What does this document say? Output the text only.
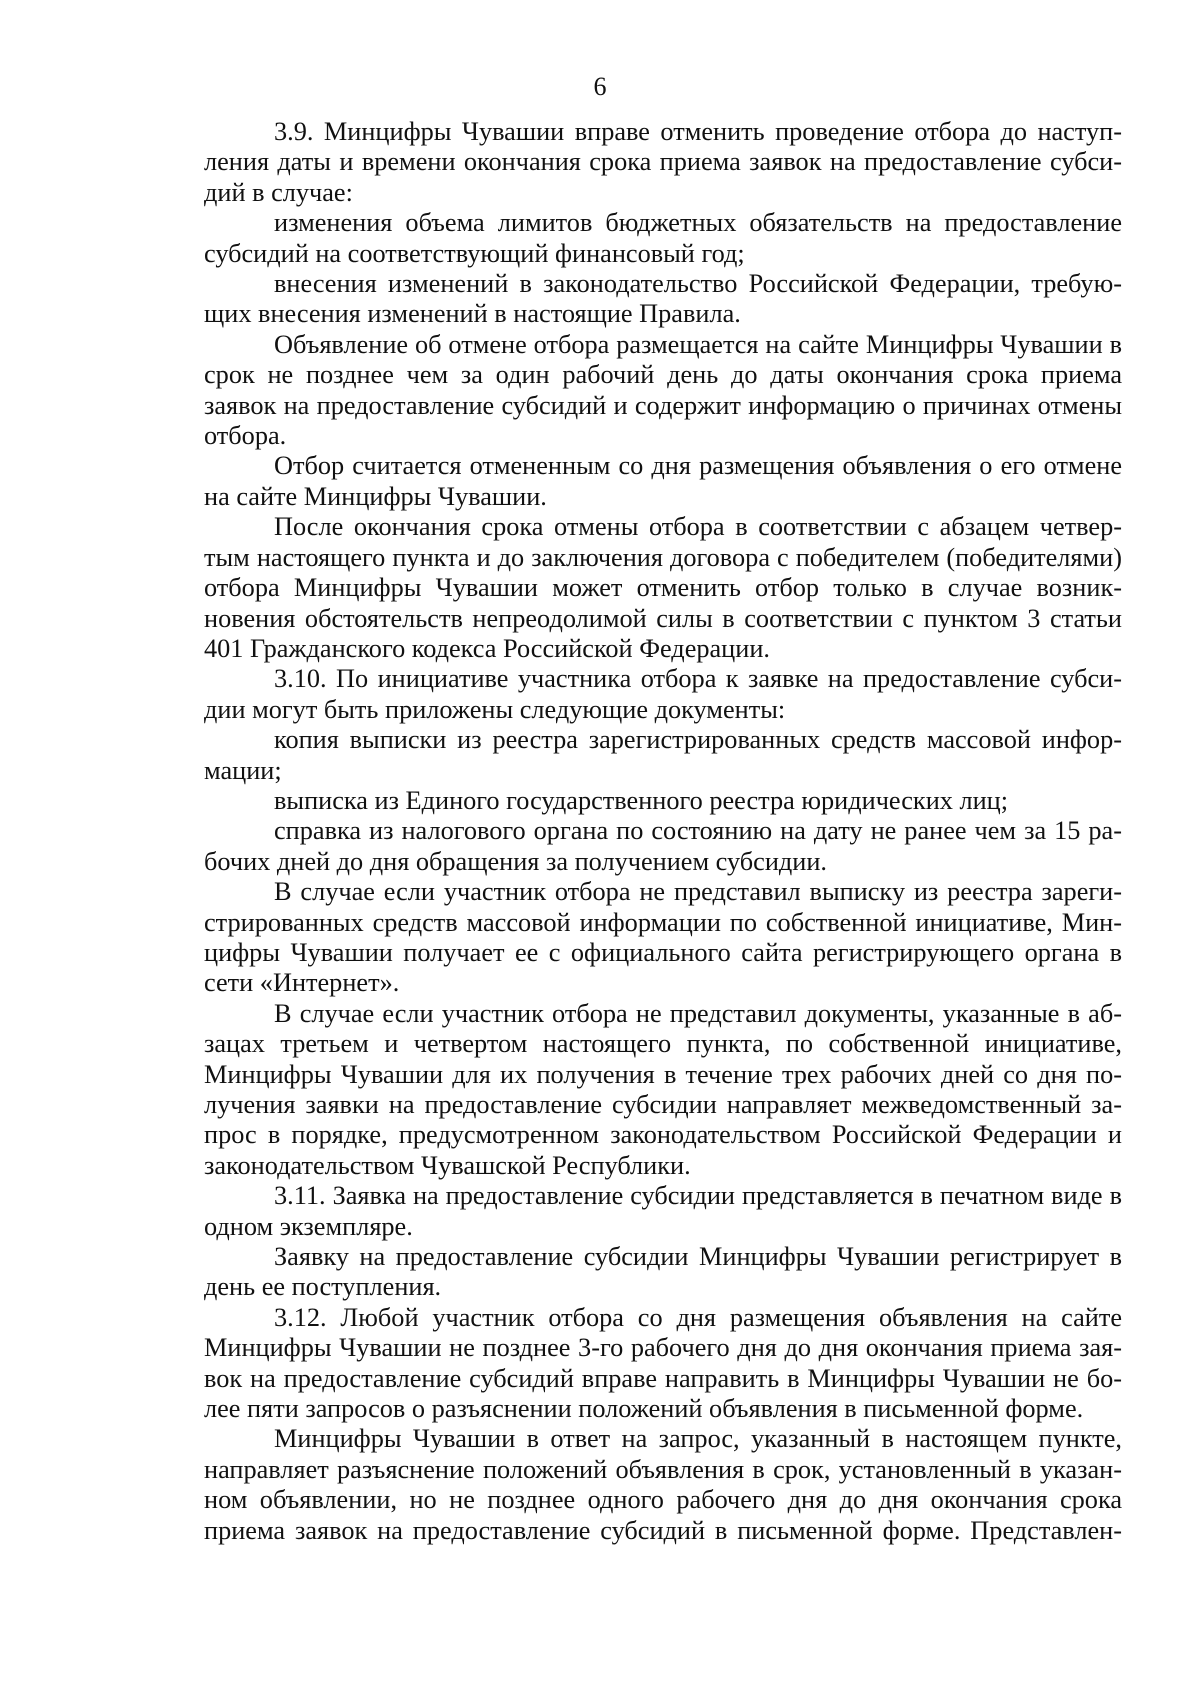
6

3.9. Минцифры Чувашии вправе отменить проведение отбора до наступления даты и времени окончания срока приема заявок на предоставление субсидий в случае:

изменения объема лимитов бюджетных обязательств на предоставление субсидий на соответствующий финансовый год;

внесения изменений в законодательство Российской Федерации, требующих внесения изменений в настоящие Правила.

Объявление об отмене отбора размещается на сайте Минцифры Чувашии в срок не позднее чем за один рабочий день до даты окончания срока приема заявок на предоставление субсидий и содержит информацию о причинах отмены отбора.

Отбор считается отмененным со дня размещения объявления о его отмене на сайте Минцифры Чувашии.

После окончания срока отмены отбора в соответствии с абзацем четвертым настоящего пункта и до заключения договора с победителем (победителями) отбора Минцифры Чувашии может отменить отбор только в случае возникновения обстоятельств непреодолимой силы в соответствии с пунктом 3 статьи 401 Гражданского кодекса Российской Федерации.

3.10. По инициативе участника отбора к заявке на предоставление субсидии могут быть приложены следующие документы:

копия выписки из реестра зарегистрированных средств массовой информации;

выписка из Единого государственного реестра юридических лиц;

справка из налогового органа по состоянию на дату не ранее чем за 15 рабочих дней до дня обращения за получением субсидии.

В случае если участник отбора не представил выписку из реестра зарегистрированных средств массовой информации по собственной инициативе, Минцифры Чувашии получает ее с официального сайта регистрирующего органа в сети «Интернет».

В случае если участник отбора не представил документы, указанные в абзацах третьем и четвертом настоящего пункта, по собственной инициативе, Минцифры Чувашии для их получения в течение трех рабочих дней со дня получения заявки на предоставление субсидии направляет межведомственный запрос в порядке, предусмотренном законодательством Российской Федерации и законодательством Чувашской Республики.

3.11. Заявка на предоставление субсидии представляется в печатном виде в одном экземпляре.

Заявку на предоставление субсидии Минцифры Чувашии регистрирует в день ее поступления.

3.12. Любой участник отбора со дня размещения объявления на сайте Минцифры Чувашии не позднее 3-го рабочего дня до дня окончания приема заявок на предоставление субсидий вправе направить в Минцифры Чувашии не более пяти запросов о разъяснении положений объявления в письменной форме.

Минцифры Чувашии в ответ на запрос, указанный в настоящем пункте, направляет разъяснение положений объявления в срок, установленный в указанном объявлении, но не позднее одного рабочего дня до дня окончания срока приема заявок на предоставление субсидий в письменной форме. Представлен-
